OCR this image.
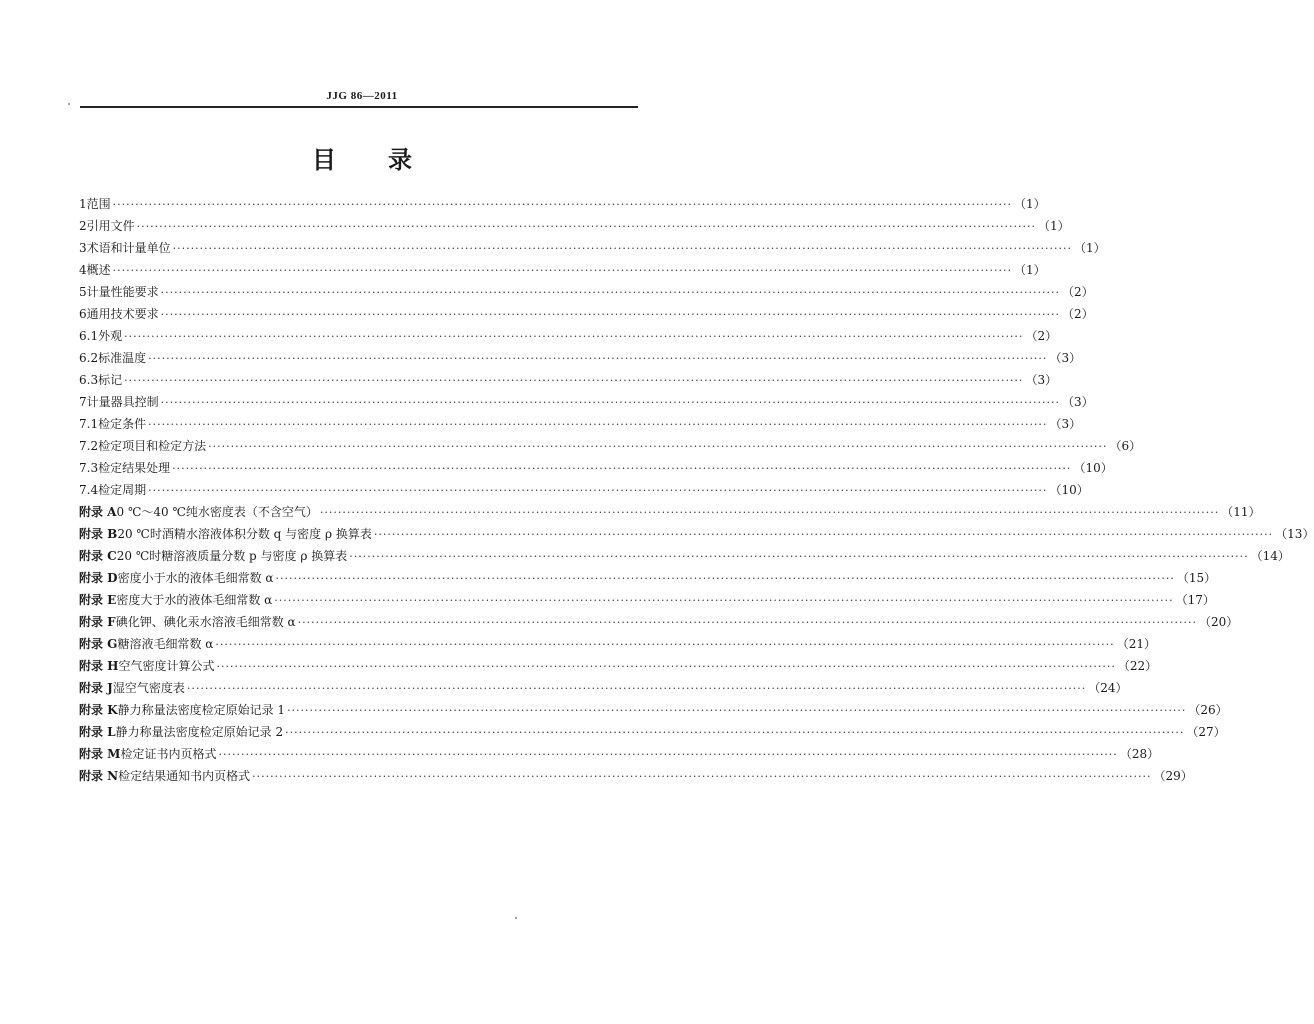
JJG 86—2011
目 录
1 范围 ········································································································································································································ （1）
2 引用文件 ········································································································································································································ （1）
3 术语和计量单位 ········································································································································································································ （1）
4 概述 ········································································································································································································ （1）
5 计量性能要求 ········································································································································································································ （2）
6 通用技术要求 ········································································································································································································ （2）
6.1 外观 ········································································································································································································ （2）
6.2 标准温度 ········································································································································································································ （3）
6.3 标记 ········································································································································································································ （3）
7 计量器具控制 ········································································································································································································ （3）
7.1 检定条件 ········································································································································································································ （3）
7.2 检定项目和检定方法 ········································································································································································································ （6）
7.3 检定结果处理 ········································································································································································································ （10）
7.4 检定周期 ········································································································································································································ （10）
附录 A 0 ℃～40 ℃纯水密度表（不含空气） ········································································································································································································ （11）
附录 B 20 ℃时酒精水溶液体积分数 q 与密度 ρ 换算表 ········································································································································································································ （13）
附录 C 20 ℃时糖溶液质量分数 p 与密度 ρ 换算表 ········································································································································································································ （14）
附录 D 密度小于水的液体毛细常数 α ········································································································································································································ （15）
附录 E 密度大于水的液体毛细常数 α ········································································································································································································ （17）
附录 F 碘化钾、碘化汞水溶液毛细常数 α ········································································································································································································ （20）
附录 G 糖溶液毛细常数 α ········································································································································································································ （21）
附录 H 空气密度计算公式 ········································································································································································································ （22）
附录 J 湿空气密度表 ········································································································································································································ （24）
附录 K 静力称量法密度检定原始记录 1 ········································································································································································································ （26）
附录 L 静力称量法密度检定原始记录 2 ········································································································································································································ （27）
附录 M 检定证书内页格式 ········································································································································································································ （28）
附录 N 检定结果通知书内页格式 ········································································································································································································ （29）
